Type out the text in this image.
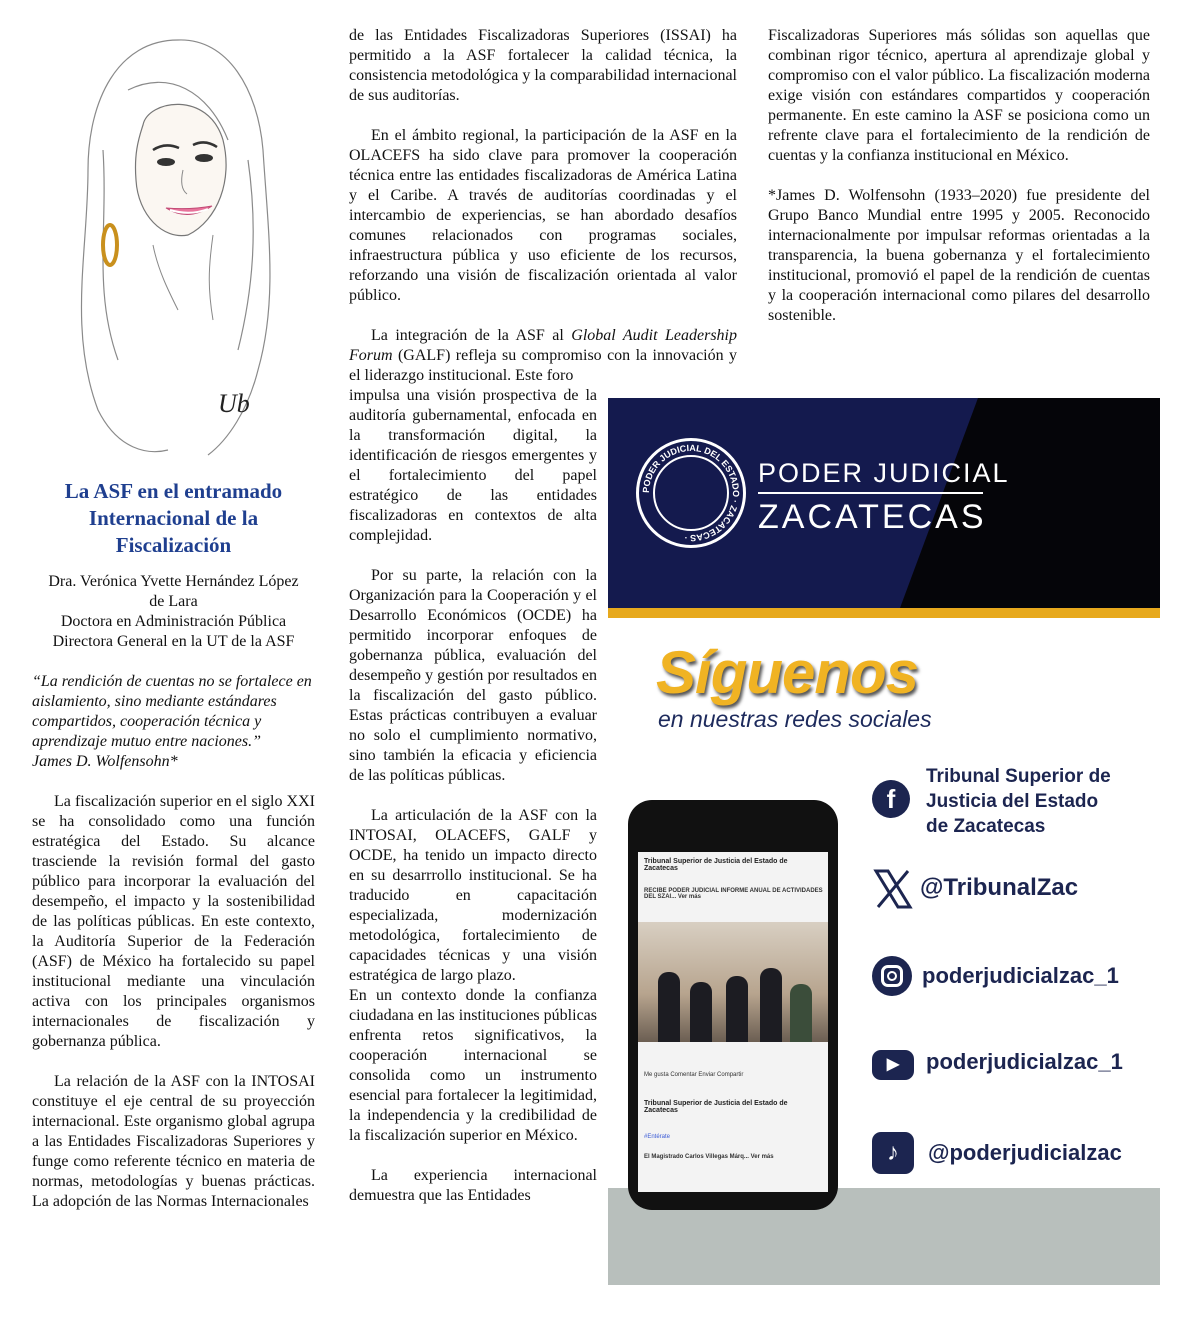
Ub
La ASF en el entramado Internacional de la Fiscalización
Dra. Verónica Yvette Hernández López
de Lara
Doctora en Administración Pública
Directora General en la UT de la ASF
“La rendición de cuentas no se fortalece en aislamiento, sino mediante estándares compartidos, cooperación técnica y aprendizaje mutuo entre naciones.”
James D. Wolfensohn*

La fiscalización superior en el siglo XXI se ha consolidado como una función estratégica del Estado. Su alcance trasciende la revisión formal del gasto público para incorporar la evaluación del desempeño, el impacto y la sostenibilidad de las políticas públicas. En este contexto, la Auditoría Superior de la Federación (ASF) de México ha fortalecido su papel institucional mediante una vinculación activa con los principales organismos internacionales de fiscalización y gobernanza pública.

La relación de la ASF con la INTOSAI constituye el eje central de su proyección internacional. Este organismo global agrupa a las Entidades Fiscalizadoras Superiores y funge como referente técnico en materia de normas, metodologías y buenas prácticas. La adopción de las Normas Internacionales

de las Entidades Fiscalizadoras Superiores (ISSAI) ha permitido a la ASF fortalecer la calidad técnica, la consistencia metodológica y la comparabilidad internacional de sus auditorías.

En el ámbito regional, la participación de la ASF en la OLACEFS ha sido clave para promover la cooperación técnica entre las entidades fiscalizadoras de América Latina y el Caribe. A través de auditorías coordinadas y el intercambio de experiencias, se han abordado desafíos comunes relacionados con programas sociales, infraestructura pública y uso eficiente de los recursos, reforzando una visión de fiscalización orientada al valor público.

La integración de la ASF al Global Audit Leadership Forum (GALF) refleja su compromiso con la innovación y el liderazgo institucional. Este foro

impulsa una visión prospectiva de la auditoría gubernamental, enfocada en la transformación digital, la identificación de riesgos emergentes y el fortalecimiento del papel estratégico de las entidades fiscalizadoras en contextos de alta complejidad.

Por su parte, la relación con la Organización para la Cooperación y el Desarrollo Económicos (OCDE) ha permitido incorporar enfoques de gobernanza pública, evaluación del desempeño y gestión por resultados en la fiscalización del gasto público. Estas prácticas contribuyen a evaluar no solo el cumplimiento normativo, sino también la eficacia y eficiencia de las políticas públicas.

La articulación de la ASF con la INTOSAI, OLACEFS, GALF y OCDE, ha tenido un impacto directo en su desarrrollo institucional. Se ha traducido en capacitación especializada, modernización metodológica, fortalecimiento de capacidades técnicas y una visión estratégica de largo plazo.

En un contexto donde la confianza ciudadana en las instituciones públicas enfrenta retos significativos, la cooperación internacional se consolida como un instrumento esencial para fortalecer la legitimidad, la independencia y la credibilidad de la fiscalización superior en México.

La experiencia internacional demuestra que las Entidades

Fiscalizadoras Superiores más sólidas son aquellas que combinan rigor técnico, apertura al aprendizaje global y compromiso con el valor público. La fiscalización moderna exige visión con estándares compartidos y cooperación permanente. En este camino la ASF se posiciona como un refrente clave para el fortalecimiento de la rendición de cuentas y la confianza institucional en México.

*James D. Wolfensohn (1933–2020) fue presidente del Grupo Banco Mundial entre 1995 y 2005. Reconocido internacionalmente por impulsar reformas orientadas a la transparencia, la buena gobernanza y el fortalecimiento institucional, promovió el papel de la rendición de cuentas y la cooperación internacional como pilares del desarrollo sostenible.

PODER JUDICIAL DEL ESTADO · ZACATECAS ·
PODER JUDICIAL
ZACATECAS
Síguenos
en nuestras redes sociales
Tribunal Superior de Justicia del Estado de Zacatecas
RECIBE PODER JUDICIAL INFORME ANUAL DE ACTIVIDADES DEL SZAI... Ver más
Me gusta Comentar Enviar Compartir
Tribunal Superior de Justicia del Estado de Zacatecas
#Entérate
El Magistrado Carlos Villegas Márq... Ver más
f
Tribunal Superior de
Justicia del Estado
de Zacatecas
@TribunalZac
poderjudicialzac_1
▶	poderjudicialzac_1
♪	@poderjudicialzac
